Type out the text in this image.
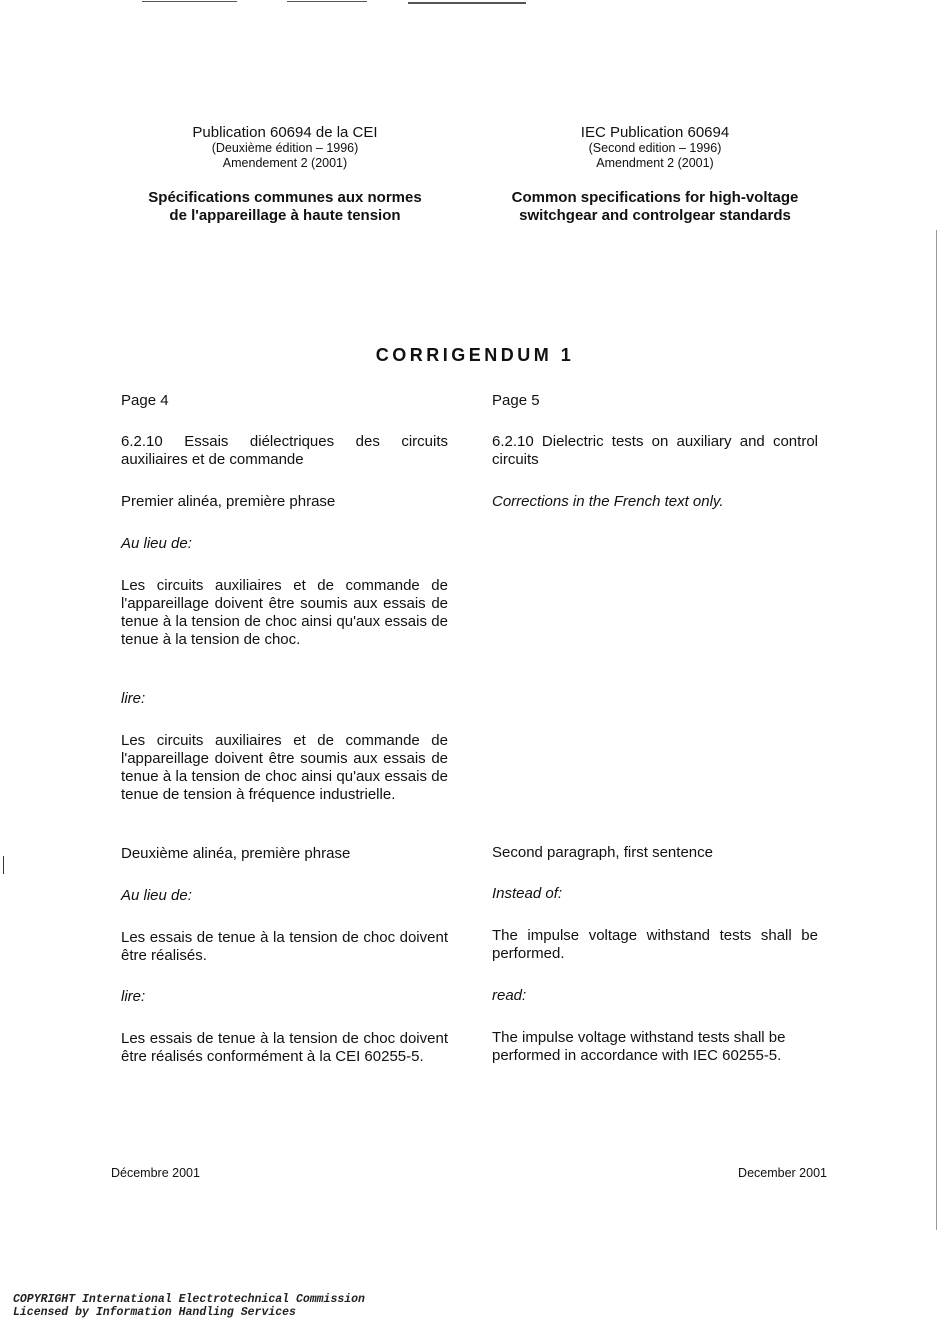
Publication 60694 de la CEI
(Deuxième édition – 1996)
Amendement 2 (2001)
Spécifications communes aux normes
de l'appareillage à haute tension
IEC Publication 60694
(Second edition – 1996)
Amendment 2 (2001)
Common specifications for high-voltage
switchgear and controlgear standards
CORRIGENDUM 1
Page 4
6.2.10 Essais diélectriques des circuits auxiliaires et de commande
Premier alinéa, première phrase
Au lieu de:
Les circuits auxiliaires et de commande de l'appareillage doivent être soumis aux essais de tenue à la tension de choc ainsi qu'aux essais de tenue à la tension de choc.
lire:
Les circuits auxiliaires et de commande de l'appareillage doivent être soumis aux essais de tenue à la tension de choc ainsi qu'aux essais de tenue de tension à fréquence industrielle.
Deuxième alinéa, première phrase
Au lieu de:
Les essais de tenue à la tension de choc doivent être réalisés.
lire:
Les essais de tenue à la tension de choc doivent être réalisés conformément à la CEI 60255-5.
Page 5
6.2.10 Dielectric tests on auxiliary and control circuits
Corrections in the French text only.
Second paragraph, first sentence
Instead of:
The impulse voltage withstand tests shall be performed.
read:
The impulse voltage withstand tests shall be performed in accordance with IEC 60255-5.
Décembre 2001	December 2001
COPYRIGHT International Electrotechnical Commission
Licensed by Information Handling Services
